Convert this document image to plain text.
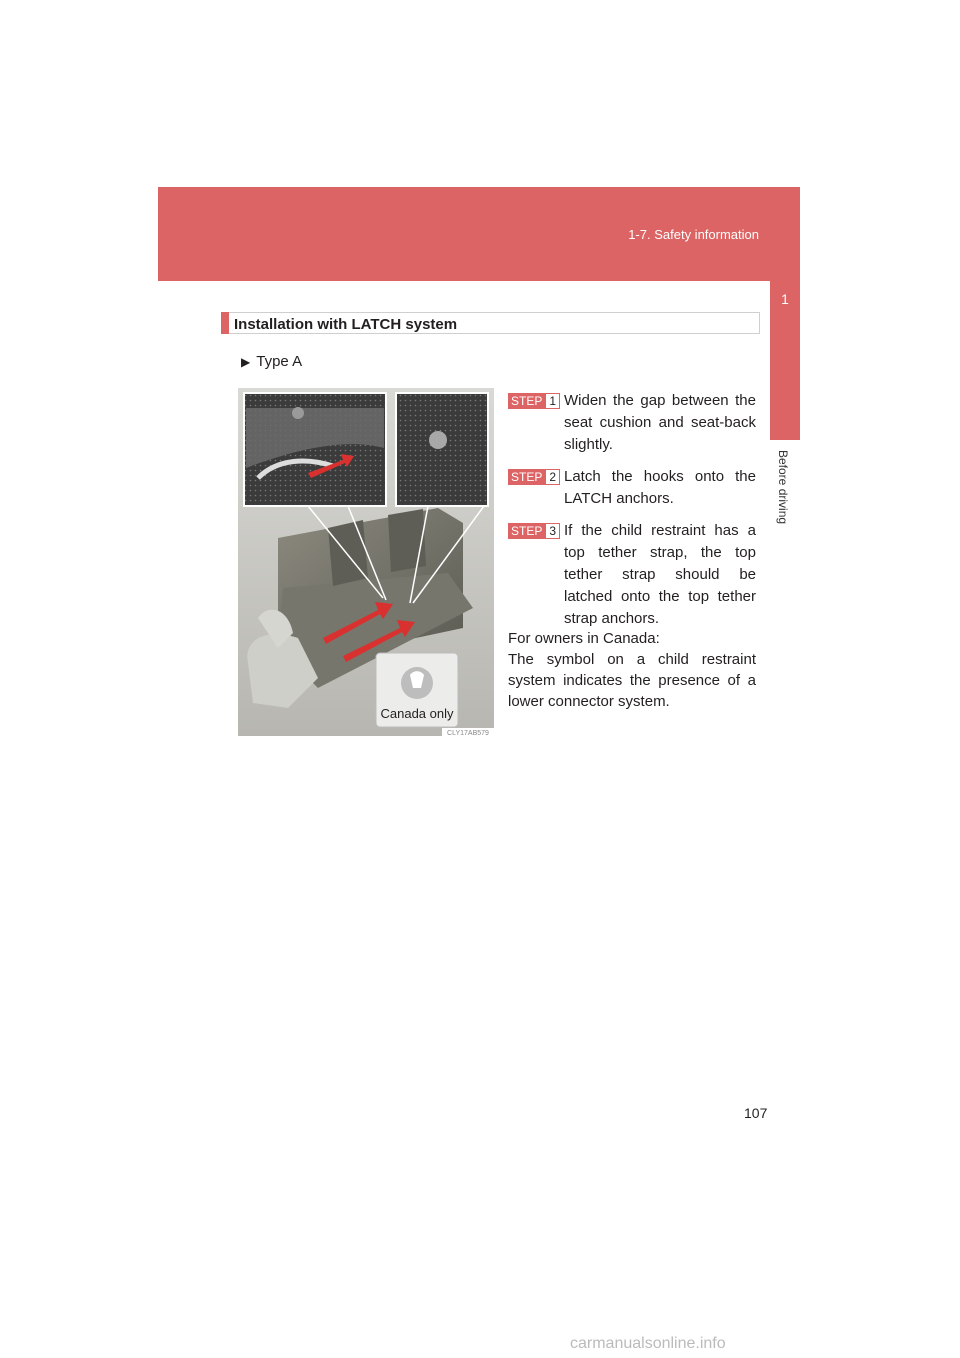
1-7. Safety information
1
Before driving
Installation with LATCH system
▶ Type A
Canada only
CLY17AB579
STEP 1 Widen the gap between the seat cushion and seat-back slightly.
STEP 2 Latch the hooks onto the LATCH anchors.
STEP 3 If the child restraint has a top tether strap, the top tether strap should be latched onto the top tether strap anchors.

For owners in Canada:

The symbol on a child restraint system indicates the presence of a lower connector system.

107
carmanualsonline.info
